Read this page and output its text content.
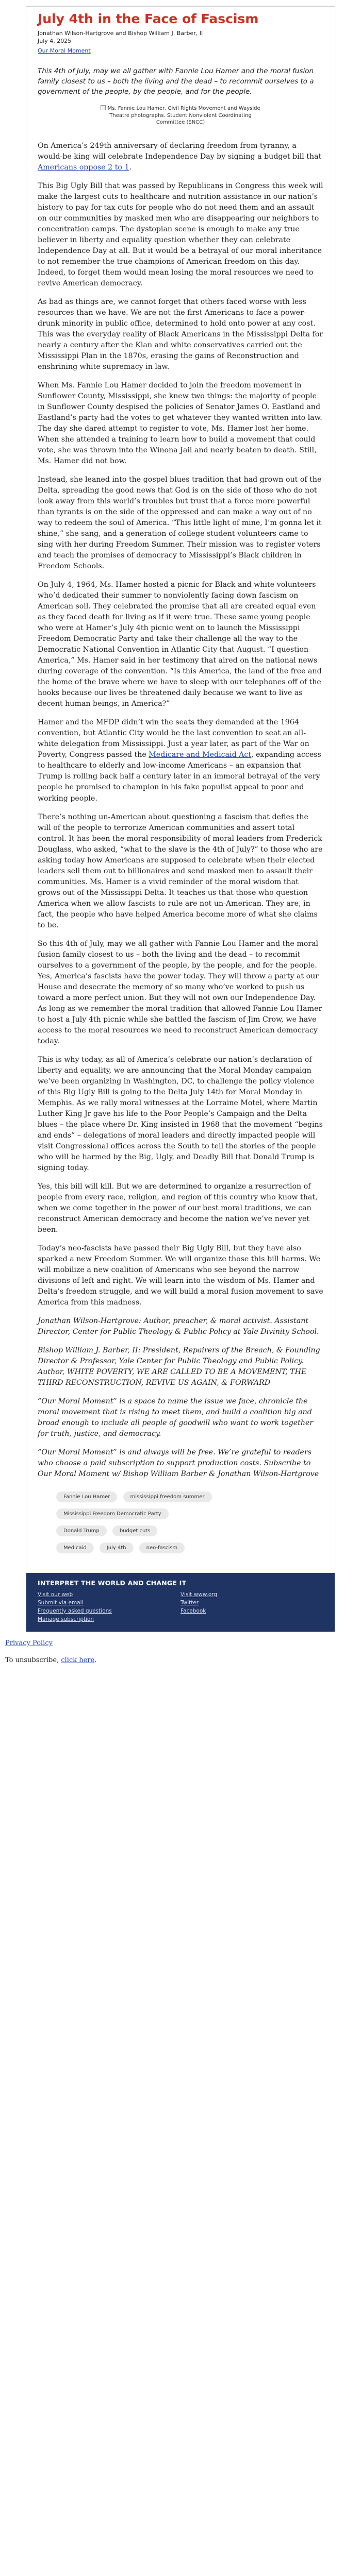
July 4th in the Face of Fascism
Jonathan Wilson-Hartgrove and Bishop William J. Barber, II
July 4, 2025
Our Moral Moment
This 4th of July, may we all gather with Fannie Lou Hamer and the moral fusion family closest to us – both the living and the dead – to recommit ourselves to a government of the people, by the people, and for the people.
Ms. Fannie Lou Hamer, Civil Rights Movement and Wayside Theatre photographs. Student Nonviolent Coordinating Committee (SNCC)

On America’s 249th anniversary of declaring freedom from tyranny, a would-be king will celebrate Independence Day by signing a budget bill that Americans oppose 2 to 1.

This Big Ugly Bill that was passed by Republicans in Congress this week will make the largest cuts to healthcare and nutrition assistance in our nation’s history to pay for tax cuts for people who do not need them and an assault on our communities by masked men who are disappearing our neighbors to concentration camps. The dystopian scene is enough to make any true believer in liberty and equality question whether they can celebrate Independence Day at all. But it would be a betrayal of our moral inheritance to not remember the true champions of American freedom on this day. Indeed, to forget them would mean losing the moral resources we need to revive American democracy.

As bad as things are, we cannot forget that others faced worse with less resources than we have. We are not the first Americans to face a power-drunk minority in public office, determined to hold onto power at any cost. This was the everyday reality of Black Americans in the Mississippi Delta for nearly a century after the Klan and white conservatives carried out the Mississippi Plan in the 1870s, erasing the gains of Reconstruction and enshrining white supremacy in law.

When Ms. Fannie Lou Hamer decided to join the freedom movement in Sunflower County, Mississippi, she knew two things: the majority of people in Sunflower County despised the policies of Senator James O. Eastland and Eastland’s party had the votes to get whatever they wanted written into law. The day she dared attempt to register to vote, Ms. Hamer lost her home. When she attended a training to learn how to build a movement that could vote, she was thrown into the Winona Jail and nearly beaten to death. Still, Ms. Hamer did not bow.

Instead, she leaned into the gospel blues tradition that had grown out of the Delta, spreading the good news that God is on the side of those who do not look away from this world’s troubles but trust that a force more powerful than tyrants is on the side of the oppressed and can make a way out of no way to redeem the soul of America. “This little light of mine, I’m gonna let it shine,” she sang, and a generation of college student volunteers came to sing with her during Freedom Summer. Their mission was to register voters and teach the promises of democracy to Mississippi’s Black children in Freedom Schools.

On July 4, 1964, Ms. Hamer hosted a picnic for Black and white volunteers who’d dedicated their summer to nonviolently facing down fascism on American soil. They celebrated the promise that all are created equal even as they faced death for living as if it were true. These same young people who were at Hamer’s July 4th picnic went on to launch the Mississippi Freedom Democratic Party and take their challenge all the way to the Democratic National Convention in Atlantic City that August. “I question America,” Ms. Hamer said in her testimony that aired on the national news during coverage of the convention. “Is this America, the land of the free and the home of the brave where we have to sleep with our telephones off of the hooks because our lives be threatened daily because we want to live as decent human beings, in America?”

Hamer and the MFDP didn’t win the seats they demanded at the 1964 convention, but Atlantic City would be the last convention to seat an all-white delegation from Mississippi. Just a year later, as part of the War on Poverty, Congress passed the Medicare and Medicaid Act, expanding access to healthcare to elderly and low-income Americans – an expansion that Trump is rolling back half a century later in an immoral betrayal of the very people he promised to champion in his fake populist appeal to poor and working people.

There’s nothing un-American about questioning a fascism that defies the will of the people to terrorize American communities and assert total control. It has been the moral responsibility of moral leaders from Frederick Douglass, who asked, “what to the slave is the 4th of July?” to those who are asking today how Americans are supposed to celebrate when their elected leaders sell them out to billionaires and send masked men to assault their communities. Ms. Hamer is a vivid reminder of the moral wisdom that grows out of the Mississippi Delta. It teaches us that those who question America when we allow fascists to rule are not un-American. They are, in fact, the people who have helped America become more of what she claims to be.

So this 4th of July, may we all gather with Fannie Lou Hamer and the moral fusion family closest to us – both the living and the dead – to recommit ourselves to a government of the people, by the people, and for the people. Yes, America’s fascists have the power today. They will throw a party at our House and desecrate the memory of so many who’ve worked to push us toward a more perfect union. But they will not own our Independence Day. As long as we remember the moral tradition that allowed Fannie Lou Hamer to host a July 4th picnic while she battled the fascism of Jim Crow, we have access to the moral resources we need to reconstruct American democracy today.

This is why today, as all of America’s celebrate our nation’s declaration of liberty and equality, we are announcing that the Moral Monday campaign we’ve been organizing in Washington, DC, to challenge the policy violence of this Big Ugly Bill is going to the Delta July 14th for Moral Monday in Memphis. As we rally moral witnesses at the Lorraine Motel, where Martin Luther King Jr gave his life to the Poor People’s Campaign and the Delta blues – the place where Dr. King insisted in 1968 that the movement “begins and ends” – delegations of moral leaders and directly impacted people will visit Congressional offices across the South to tell the stories of the people who will be harmed by the Big, Ugly, and Deadly Bill that Donald Trump is signing today.

Yes, this bill will kill. But we are determined to organize a resurrection of people from every race, religion, and region of this country who know that, when we come together in the power of our best moral traditions, we can reconstruct American democracy and become the nation we’ve never yet been.

Today’s neo-fascists have passed their Big Ugly Bill, but they have also sparked a new Freedom Summer. We will organize those this bill harms. We will mobilize a new coalition of Americans who see beyond the narrow divisions of left and right. We will learn into the wisdom of Ms. Hamer and Delta’s freedom struggle, and we will build a moral fusion movement to save America from this madness.

Jonathan Wilson-Hartgrove: Author, preacher, & moral activist. Assistant Director, Center for Public Theology & Public Policy at Yale Divinity School.

Bishop William J. Barber, II: President, Repairers of the Breach, & Founding Director & Professor, Yale Center for Public Theology and Public Policy. Author, WHITE POVERTY, WE ARE CALLED TO BE A MOVEMENT, THE THIRD RECONSTRUCTION, REVIVE US AGAIN, & FORWARD

“Our Moral Moment” is a space to name the issue we face, chronicle the moral movement that is rising to meet them, and build a coalition big and broad enough to include all people of goodwill who want to work together for truth, justice, and democracy.

“Our Moral Moment” is and always will be free. We’re grateful to readers who choose a paid subscription to support production costs. Subscribe to Our Moral Moment w/ Bishop William Barber & Jonathan Wilson-Hartgrove

Fannie Lou Hamer	mississippi freedom summer
Mississippi Freedom Democratic Party
Donald Trump	budget cuts
Medicaid	July 4th	neo-fascism
INTERPRET THE WORLD AND CHANGE IT
Visit our web
Submit via email
Frequently asked questions
Manage subscription
Visit www.org
Twitter
Facebook
Privacy Policy
To unsubscribe, click here.
